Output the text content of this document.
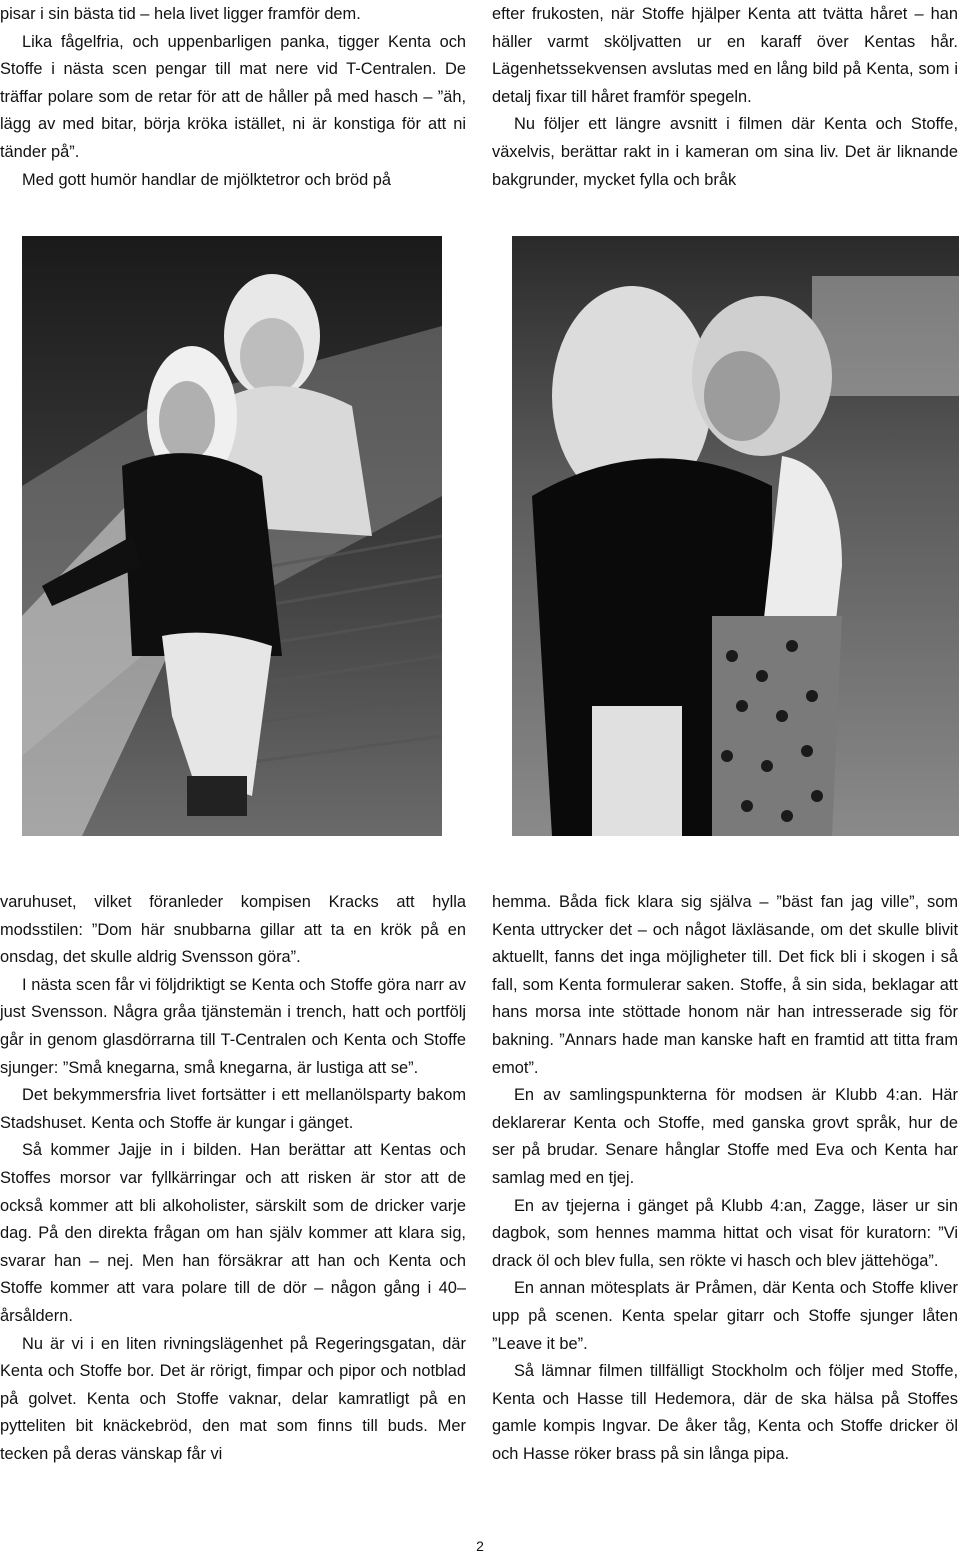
pisar i sin bästa tid – hela livet ligger framför dem.

Lika fågelfria, och uppenbarligen panka, tigger Kenta och Stoffe i nästa scen pengar till mat nere vid T-Centralen. De träffar polare som de retar för att de håller på med hasch – ”äh, lägg av med bitar, börja kröka istället, ni är konstiga för att ni tänder på”.

Med gott humör handlar de mjölktetror och bröd på

efter frukosten, när Stoffe hjälper Kenta att tvätta håret – han häller varmt sköljvatten ur en karaff över Kentas hår. Lägenhetssekvensen avslutas med en lång bild på Kenta, som i detalj fixar till håret framför spegeln.

Nu följer ett längre avsnitt i filmen där Kenta och Stoffe, växelvis, berättar rakt in i kameran om sina liv. Det är liknande bakgrunder, mycket fylla och bråk

varuhuset, vilket föranleder kompisen Kracks att hylla modsstilen: ”Dom här snubbarna gillar att ta en krök på en onsdag, det skulle aldrig Svensson göra”.

I nästa scen får vi följdriktigt se Kenta och Stoffe göra narr av just Svensson. Några gråa tjänstemän i trench, hatt och portfölj går in genom glasdörrarna till T-Centralen och Kenta och Stoffe sjunger: ”Små knegarna, små knegarna, är lustiga att se”.

Det bekymmersfria livet fortsätter i ett mellanölsparty bakom Stadshuset. Kenta och Stoffe är kungar i gänget.

Så kommer Jajje in i bilden. Han berättar att Kentas och Stoffes morsor var fyllkärringar och att risken är stor att de också kommer att bli alkoholister, särskilt som de dricker varje dag. På den direkta frågan om han själv kommer att klara sig, svarar han – nej. Men han försäkrar att han och Kenta och Stoffe kommer att vara polare till de dör – någon gång i 40–årsåldern.

Nu är vi i en liten rivningslägenhet på Regeringsgatan, där Kenta och Stoffe bor. Det är rörigt, fimpar och pipor och notblad på golvet. Kenta och Stoffe vaknar, delar kamratligt på en pytteliten bit knäckebröd, den mat som finns till buds. Mer tecken på deras vänskap får vi

hemma. Båda fick klara sig själva – ”bäst fan jag ville”, som Kenta uttrycker det – och något läxläsande, om det skulle blivit aktuellt, fanns det inga möjligheter till. Det fick bli i skogen i så fall, som Kenta formulerar saken. Stoffe, å sin sida, beklagar att hans morsa inte stöttade honom när han intresserade sig för bakning. ”Annars hade man kanske haft en framtid att titta fram emot”.

En av samlingspunkterna för modsen är Klubb 4:an. Här deklarerar Kenta och Stoffe, med ganska grovt språk, hur de ser på brudar. Senare hånglar Stoffe med Eva och Kenta har samlag med en tjej.

En av tjejerna i gänget på Klubb 4:an, Zagge, läser ur sin dagbok, som hennes mamma hittat och visat för kuratorn: ”Vi drack öl och blev fulla, sen rökte vi hasch och blev jättehöga”.

En annan mötesplats är Pråmen, där Kenta och Stoffe kliver upp på scenen. Kenta spelar gitarr och Stoffe sjunger låten ”Leave it be”.

Så lämnar filmen tillfälligt Stockholm och följer med Stoffe, Kenta och Hasse till Hedemora, där de ska hälsa på Stoffes gamle kompis Ingvar. De åker tåg, Kenta och Stoffe dricker öl och Hasse röker brass på sin långa pipa.

2
